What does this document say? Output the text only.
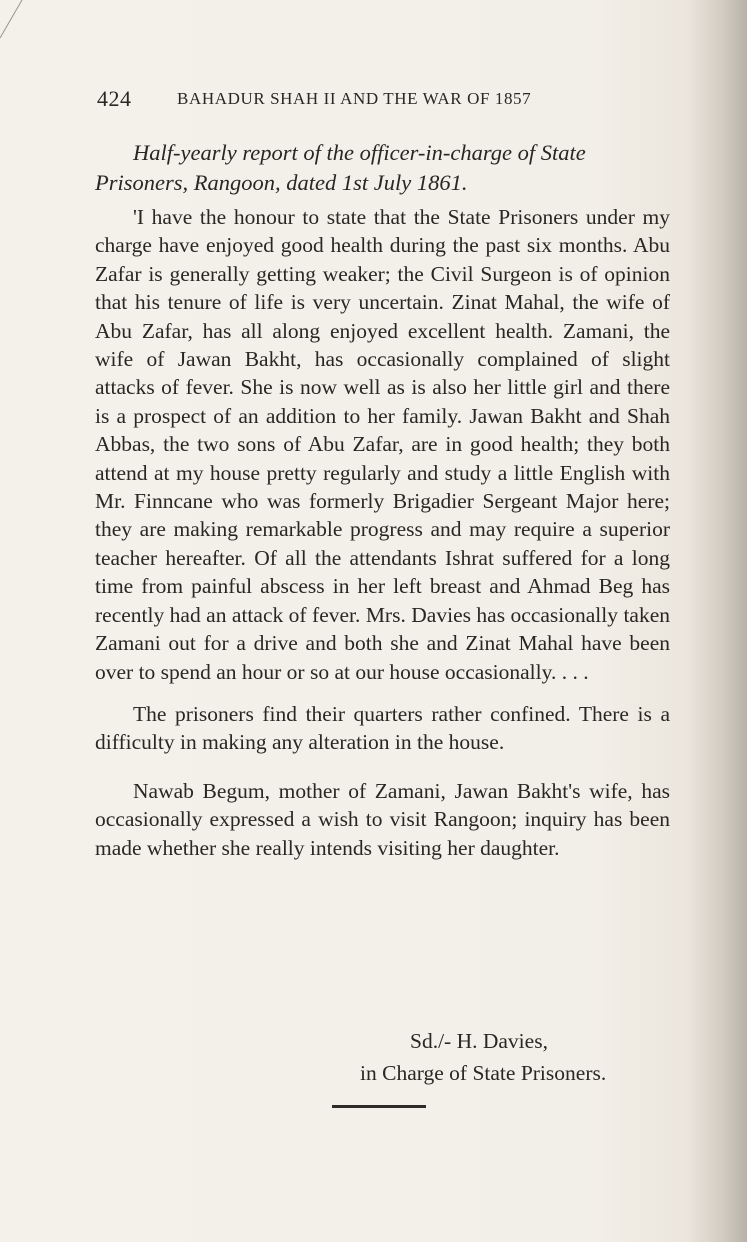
424	BAHADUR SHAH II AND THE WAR OF 1857
Half-yearly report of the officer-in-charge of State
Prisoners, Rangoon, dated 1st July 1861.

'I have the honour to state that the State Prisoners under my charge have enjoyed good health during the past six months. Abu Zafar is generally getting weaker; the Civil Surgeon is of opinion that his tenure of life is very uncertain. Zinat Mahal, the wife of Abu Zafar, has all along enjoyed excellent health. Zamani, the wife of Jawan Bakht, has occasionally complained of slight attacks of fever. She is now well as is also her little girl and there is a prospect of an addition to her family. Jawan Bakht and Shah Abbas, the two sons of Abu Zafar, are in good health; they both attend at my house pretty regularly and study a little English with Mr. Finncane who was formerly Brigadier Sergeant Major here; they are making remarkable progress and may require a superior teacher hereafter. Of all the attendants Ishrat suffered for a long time from painful abscess in her left breast and Ahmad Beg has recently had an attack of fever. Mrs. Davies has occasionally taken Zamani out for a drive and both she and Zinat Mahal have been over to spend an hour or so at our house occasionally. . . .

The prisoners find their quarters rather confined. There is a difficulty in making any alteration in the house.

Nawab Begum, mother of Zamani, Jawan Bakht's wife, has occasionally expressed a wish to visit Rangoon; inquiry has been made whether she really intends visiting her daughter.

Sd./- H. Davies,
in Charge of State Prisoners.
